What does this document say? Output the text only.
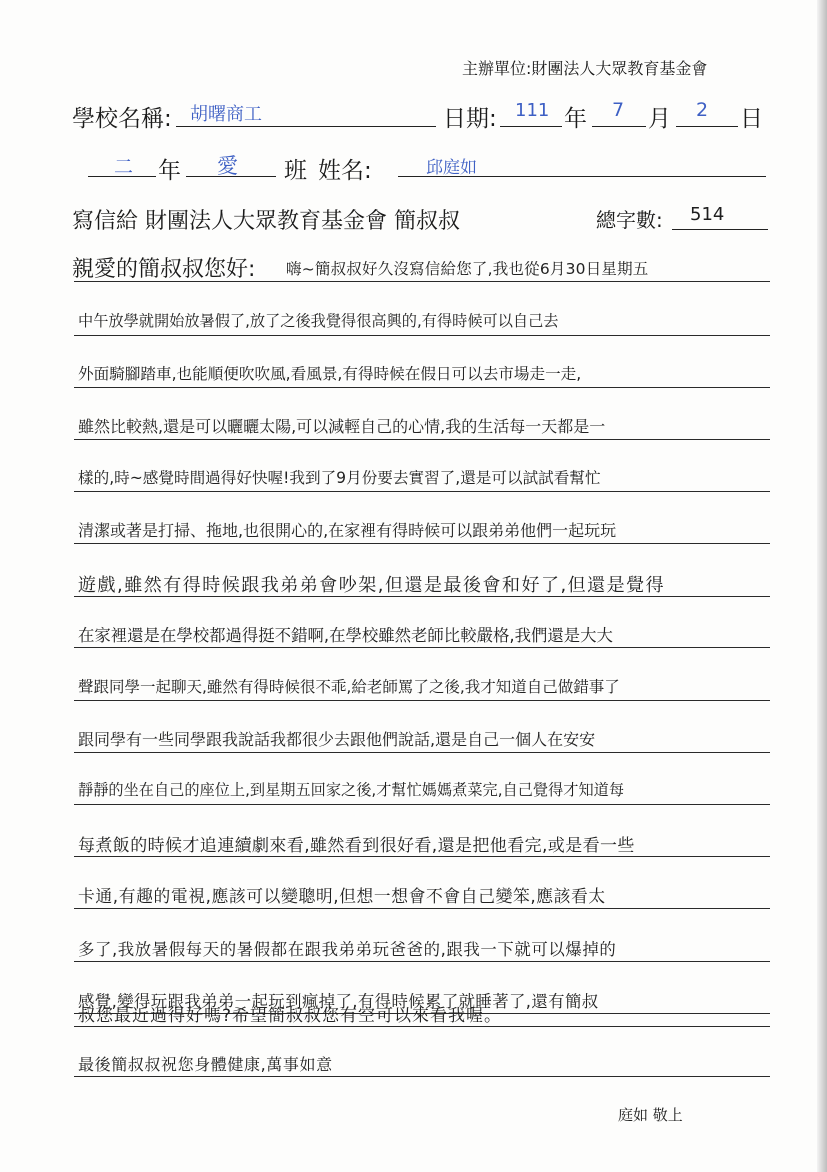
主辦單位:財團法人大眾教育基金會
學校名稱: 胡曙商工	日期: 111 年 7 月 2 日
二 年 愛 班 姓名:	邱庭如
寫信給 財團法人大眾教育基金會 簡叔叔	總字數: 514
親愛的簡叔叔您好: 嗨~簡叔叔好久沒寫信給您了,我也從6月30日星期五
中午放學就開始放暑假了,放了之後我覺得很高興的,有得時候可以自己去
外面騎腳踏車,也能順便吹吹風,看風景,有得時候在假日可以去市場走一走,
雖然比較熱,還是可以曬曬太陽,可以減輕自己的心情,我的生活每一天都是一
樣的,時~感覺時間過得好快喔!我到了9月份要去實習了,還是可以試試看幫忙
清潔或著是打掃、拖地,也很開心的,在家裡有得時候可以跟弟弟他們一起玩玩
遊戲,雖然有得時候跟我弟弟會吵架,但還是最後會和好了,但還是覺得
在家裡還是在學校都過得挺不錯啊,在學校雖然老師比較嚴格,我們還是大大
聲跟同學一起聊天,雖然有得時候很不乖,給老師罵了之後,我才知道自己做錯事了
跟同學有一些同學跟我說話我都很少去跟他們說話,還是自己一個人在安安
靜靜的坐在自己的座位上,到星期五回家之後,才幫忙媽媽煮菜完,自己覺得才知道每
每煮飯的時候才追連續劇來看,雖然看到很好看,還是把他看完,或是看一些
卡通,有趣的電視,應該可以變聰明,但想一想會不會自己變笨,應該看太
多了,我放暑假每天的暑假都在跟我弟弟玩爸爸的,跟我一下就可以爆掉的
感覺,變得玩跟我弟弟一起玩到瘋掉了,有得時候累了就睡著了,還有簡叔
叔您最近過得好嗎?希望簡叔叔您有空可以來看我喔。
最後簡叔叔祝您身體健康,萬事如意
庭如 敬上
